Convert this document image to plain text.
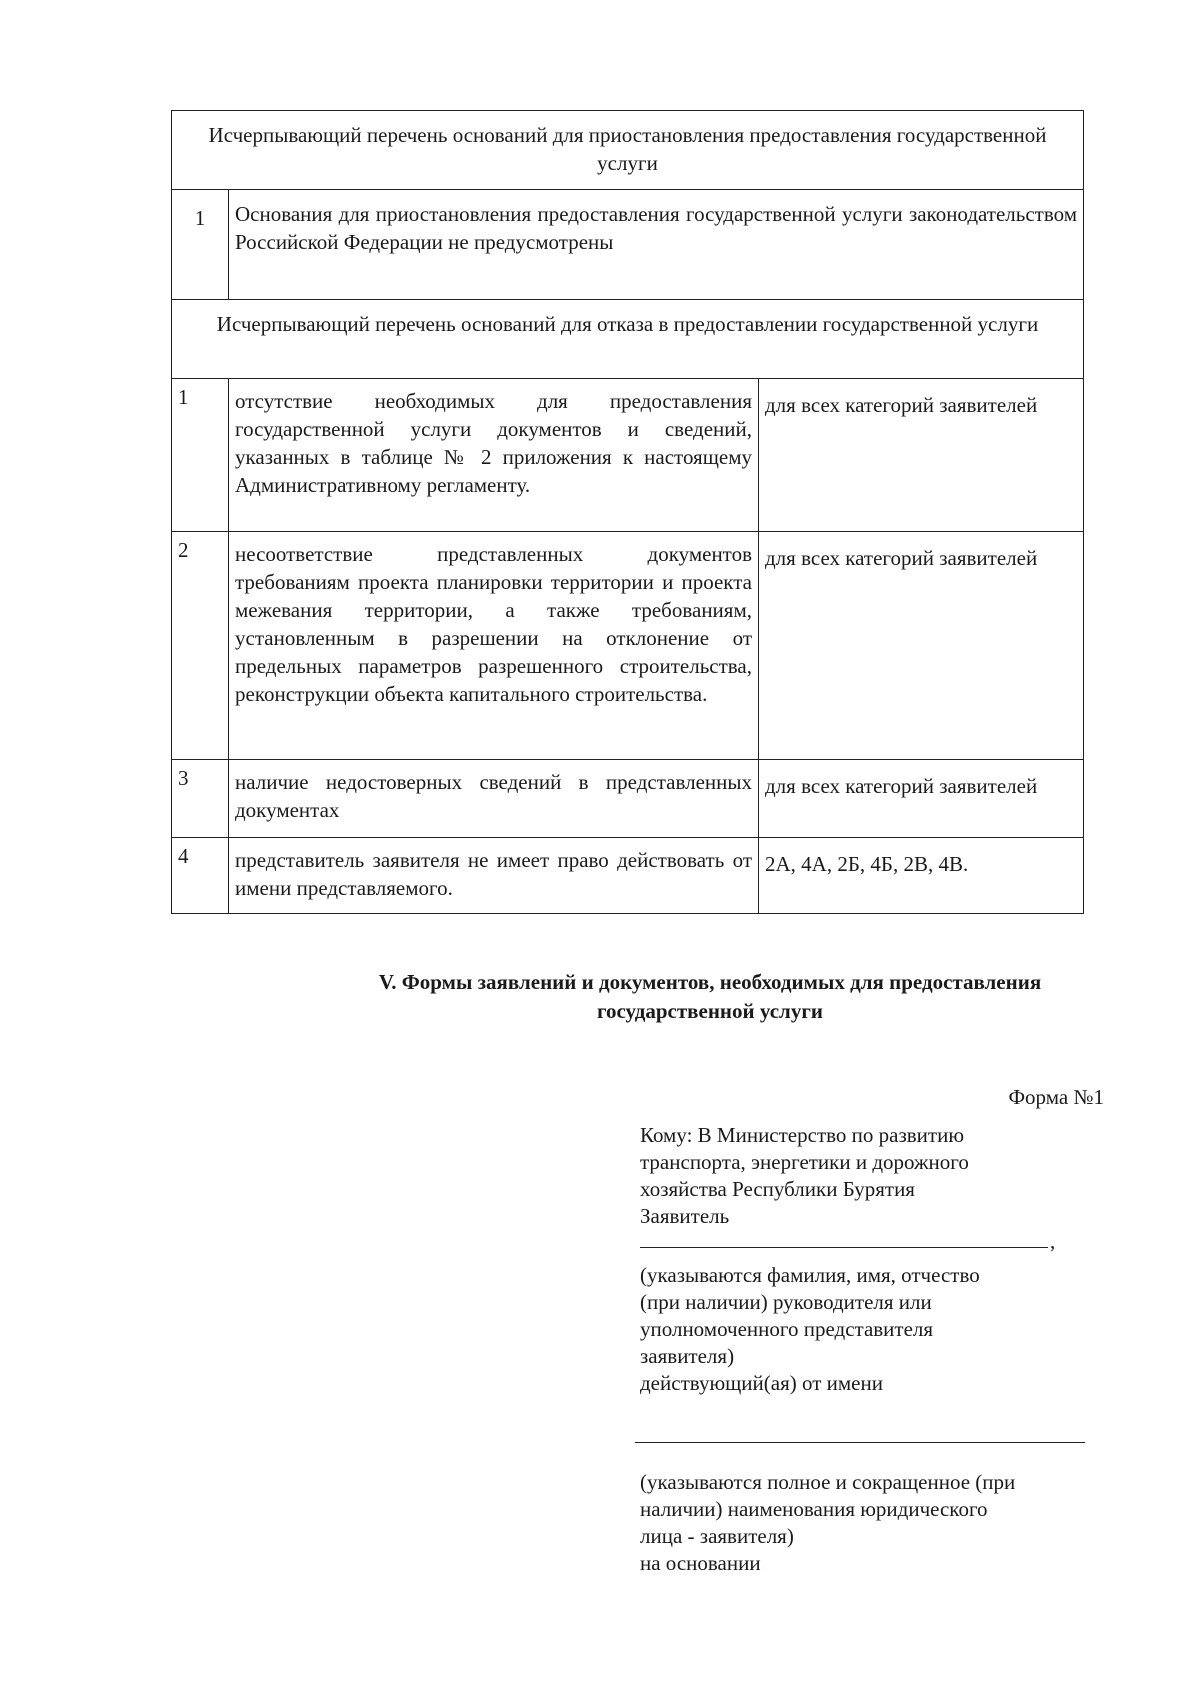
Исчерпывающий перечень оснований для приостановления предоставления государственной услуги		
1	Основания для приостановления предоставления государственной услуги законодательством Российской Федерации не предусмотрены	
Исчерпывающий перечень оснований для отказа в предоставлении государственной услуги		
1	отсутствие необходимых для предоставления государственной услуги документов и сведений, указанных в таблице № 2 приложения к настоящему Административному регламенту.	для всех категорий заявителей
2	несоответствие представленных документов требованиям проекта планировки территории и проекта межевания территории, а также требованиям, установленным в разрешении на отклонение от предельных параметров разрешенного строительства, реконструкции объекта капитального строительства.	для всех категорий заявителей
3	наличие недостоверных сведений в представленных документах	для всех категорий заявителей
4	представитель заявителя не имеет право действовать от имени представляемого.	2А, 4А, 2Б, 4Б, 2В, 4В.
V. Формы заявлений и документов, необходимых для предоставления
государственной услуги
Форма №1

Кому: В Министерство по развитию

транспорта, энергетики и дорожного

хозяйства Республики Бурятия

Заявитель

,

(указываются фамилия, имя, отчество

(при наличии) руководителя или

уполномоченного представителя

заявителя)

действующий(ая) от имени

(указываются полное и сокращенное (при

наличии) наименования юридического

лица - заявителя)

на основании
